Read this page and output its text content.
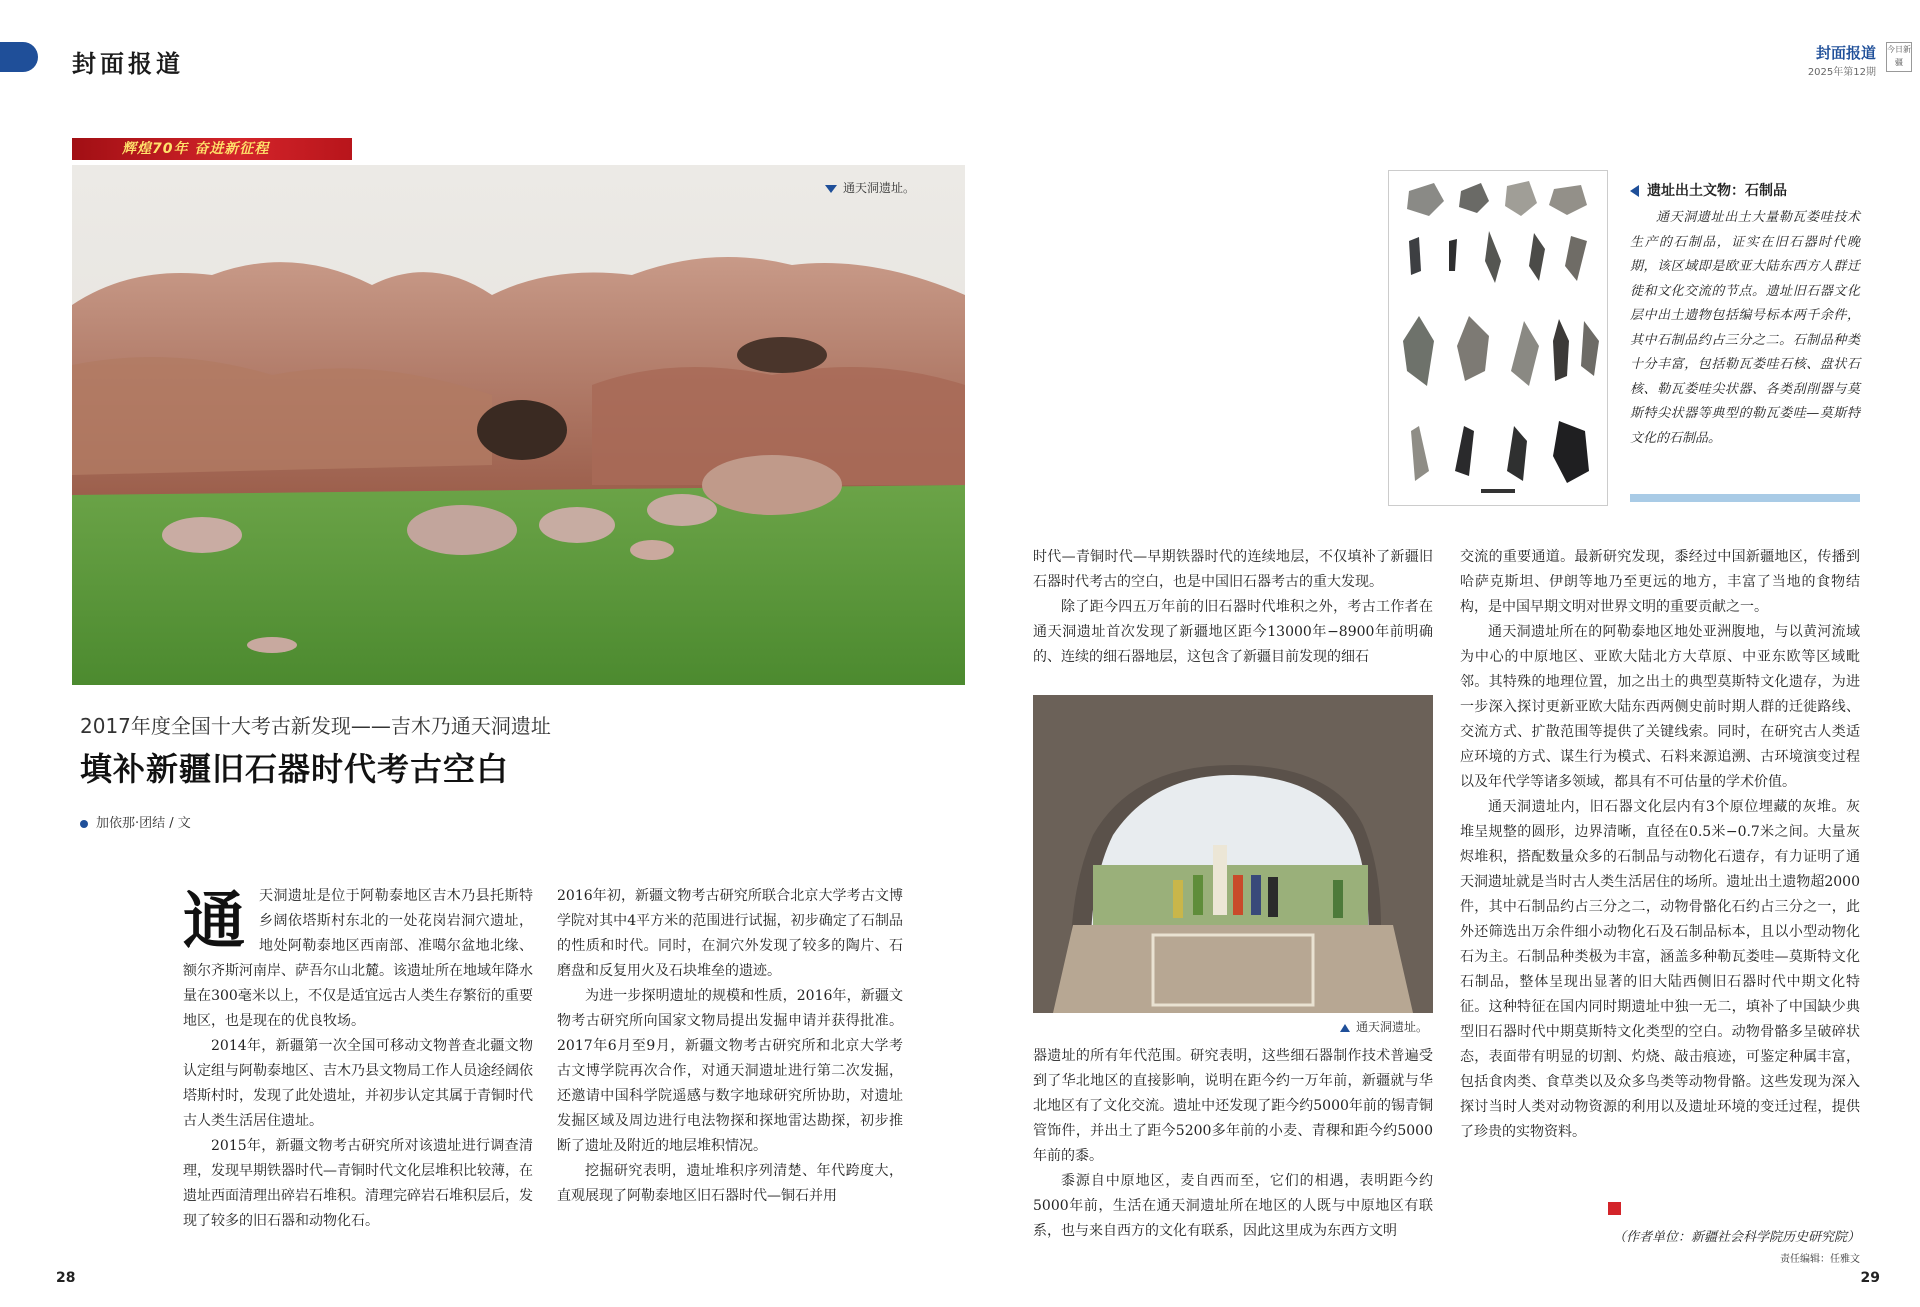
封面报道	封面报道
2025年第12期
今日新疆
辉煌70年 奋进新征程
通天洞遗址。
2017年度全国十大考古新发现——吉木乃通天洞遗址
填补新疆旧石器时代考古空白
加依那·团结 / 文
通	天洞遗址是位于阿勒泰地区吉木乃县托斯特乡阔依塔斯村东北的一处花岗岩洞穴遗址，地处阿勒泰地区西南部、准噶尔盆地北缘、额尔齐斯河南岸、萨吾尔山北麓。该遗址所在地域年降水量在300毫米以上，不仅是适宜远古人类生存繁衍的重要地区，也是现在的优良牧场。

2014年，新疆第一次全国可移动文物普查北疆文物认定组与阿勒泰地区、吉木乃县文物局工作人员途经阔依塔斯村时，发现了此处遗址，并初步认定其属于青铜时代古人类生活居住遗址。

2015年，新疆文物考古研究所对该遗址进行调查清理，发现早期铁器时代—青铜时代文化层堆积比较薄，在遗址西面清理出碎岩石堆积。清理完碎岩石堆积层后，发现了较多的旧石器和动物化石。

2016年初，新疆文物考古研究所联合北京大学考古文博学院对其中4平方米的范围进行试掘，初步确定了石制品的性质和时代。同时，在洞穴外发现了较多的陶片、石磨盘和反复用火及石块堆垒的遗迹。

为进一步探明遗址的规模和性质，2016年，新疆文物考古研究所向国家文物局提出发掘申请并获得批准。2017年6月至9月，新疆文物考古研究所和北京大学考古文博学院再次合作，对通天洞遗址进行第二次发掘，还邀请中国科学院遥感与数字地球研究所协助，对遗址发掘区域及周边进行电法物探和探地雷达勘探，初步推断了遗址及附近的地层堆积情况。

挖掘研究表明，遗址堆积序列清楚、年代跨度大，直观展现了阿勒泰地区旧石器时代—铜石并用

时代—青铜时代—早期铁器时代的连续地层，不仅填补了新疆旧石器时代考古的空白，也是中国旧石器考古的重大发现。

除了距今四五万年前的旧石器时代堆积之外，考古工作者在通天洞遗址首次发现了新疆地区距今13000年−8900年前明确的、连续的细石器地层，这包含了新疆目前发现的细石

通天洞遗址。

器遗址的所有年代范围。研究表明，这些细石器制作技术普遍受到了华北地区的直接影响，说明在距今约一万年前，新疆就与华北地区有了文化交流。遗址中还发现了距今约5000年前的锡青铜管饰件，并出土了距今5200多年前的小麦、青稞和距今约5000年前的黍。

黍源自中原地区，麦自西而至，它们的相遇，表明距今约5000年前，生活在通天洞遗址所在地区的人既与中原地区有联系，也与来自西方的文化有联系，因此这里成为东西方文明

交流的重要通道。最新研究发现，黍经过中国新疆地区，传播到哈萨克斯坦、伊朗等地乃至更远的地方，丰富了当地的食物结构，是中国早期文明对世界文明的重要贡献之一。

通天洞遗址所在的阿勒泰地区地处亚洲腹地，与以黄河流域为中心的中原地区、亚欧大陆北方大草原、中亚东欧等区域毗邻。其特殊的地理位置，加之出土的典型莫斯特文化遗存，为进一步深入探讨更新亚欧大陆东西两侧史前时期人群的迁徙路线、交流方式、扩散范围等提供了关键线索。同时，在研究古人类适应环境的方式、谋生行为模式、石料来源追溯、古环境演变过程以及年代学等诸多领域，都具有不可估量的学术价值。

通天洞遗址内，旧石器文化层内有3个原位埋藏的灰堆。灰堆呈规整的圆形，边界清晰，直径在0.5米−0.7米之间。大量灰烬堆积，搭配数量众多的石制品与动物化石遗存，有力证明了通天洞遗址就是当时古人类生活居住的场所。遗址出土遗物超2000件，其中石制品约占三分之二，动物骨骼化石约占三分之一，此外还筛选出万余件细小动物化石及石制品标本，且以小型动物化石为主。石制品种类极为丰富，涵盖多种勒瓦娄哇—莫斯特文化石制品，整体呈现出显著的旧大陆西侧旧石器时代中期文化特征。这种特征在国内同时期遗址中独一无二，填补了中国缺少典型旧石器时代中期莫斯特文化类型的空白。动物骨骼多呈破碎状态，表面带有明显的切割、灼烧、敲击痕迹，可鉴定种属丰富，包括食肉类、食草类以及众多鸟类等动物骨骼。这些发现为深入探讨当时人类对动物资源的利用以及遗址环境的变迁过程，提供了珍贵的实物资料。

遗址出土文物：石制品
通天洞遗址出土大量勒瓦娄哇技术生产的石制品，证实在旧石器时代晚期，该区域即是欧亚大陆东西方人群迁徙和文化交流的节点。遗址旧石器文化层中出土遗物包括编号标本两千余件，其中石制品约占三分之二。石制品种类十分丰富，包括勒瓦娄哇石核、盘状石核、勒瓦娄哇尖状器、各类刮削器与莫斯特尖状器等典型的勒瓦娄哇—莫斯特文化的石制品。
（作者单位：新疆社会科学院历史研究院）
责任编辑：任雅文
28	29
